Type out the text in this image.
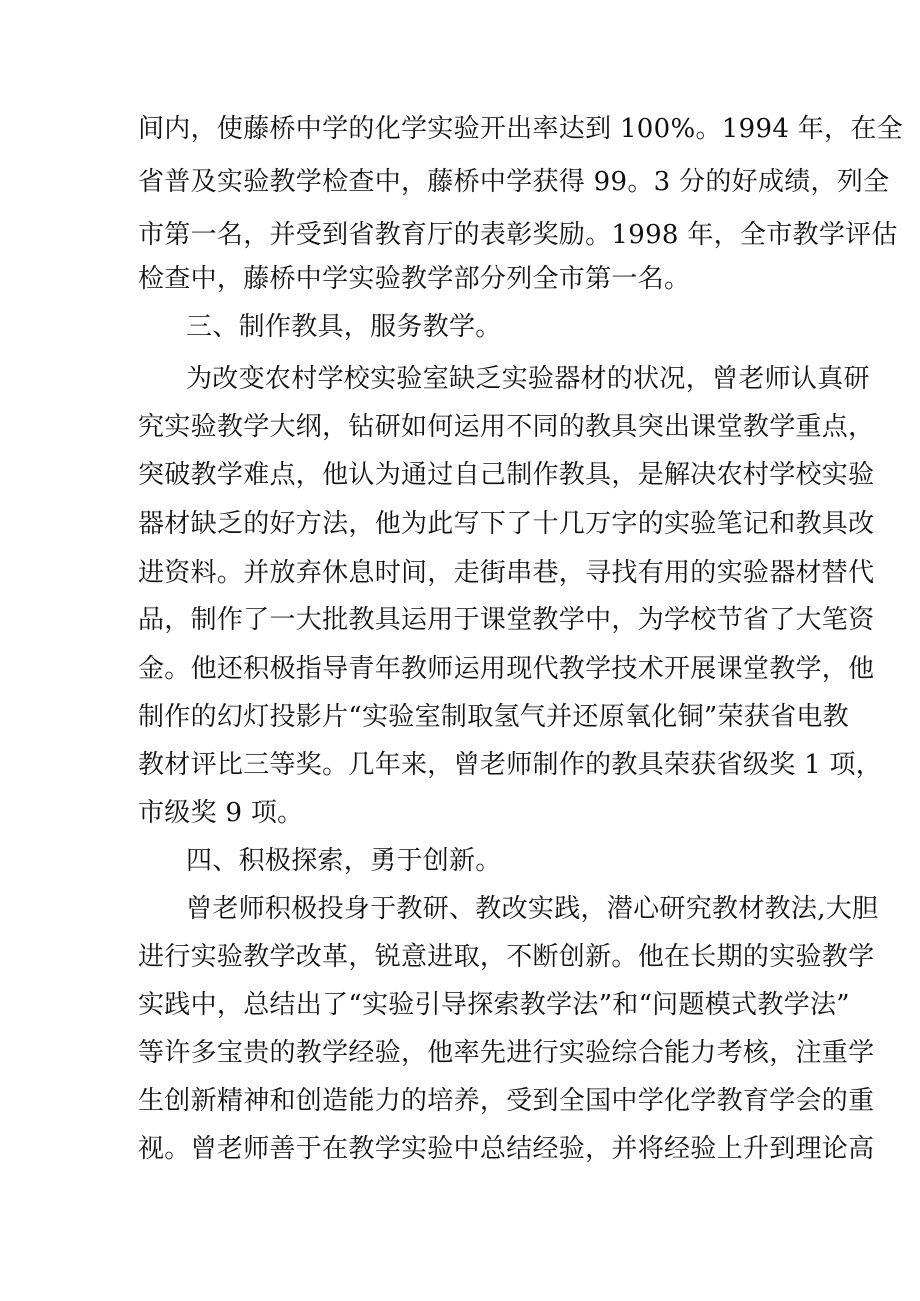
间内，使藤桥中学的化学实验开出率达到 100%。1994 年，在全
省普及实验教学检查中，藤桥中学获得 99。3 分的好成绩，列全
市第一名，并受到省教育厅的表彰奖励。1998 年，全市教学评估
检查中，藤桥中学实验教学部分列全市第一名。
三、制作教具，服务教学。
为改变农村学校实验室缺乏实验器材的状况，曾老师认真研
究实验教学大纲，钻研如何运用不同的教具突出课堂教学重点，
突破教学难点，他认为通过自己制作教具，是解决农村学校实验
器材缺乏的好方法，他为此写下了十几万字的实验笔记和教具改
进资料。并放弃休息时间，走街串巷，寻找有用的实验器材替代
品，制作了一大批教具运用于课堂教学中，为学校节省了大笔资
金。他还积极指导青年教师运用现代教学技术开展课堂教学，他
制作的幻灯投影片“实验室制取氢气并还原氧化铜”荣获省电教
教材评比三等奖。几年来，曾老师制作的教具荣获省级奖 1 项，
市级奖 9 项。
四、积极探索，勇于创新。
曾老师积极投身于教研、教改实践，潜心研究教材教法,大胆
进行实验教学改革，锐意进取，不断创新。他在长期的实验教学
实践中，总结出了“实验引导探索教学法”和“问题模式教学法”
等许多宝贵的教学经验，他率先进行实验综合能力考核，注重学
生创新精神和创造能力的培养，受到全国中学化学教育学会的重
视。曾老师善于在教学实验中总结经验，并将经验上升到理论高
